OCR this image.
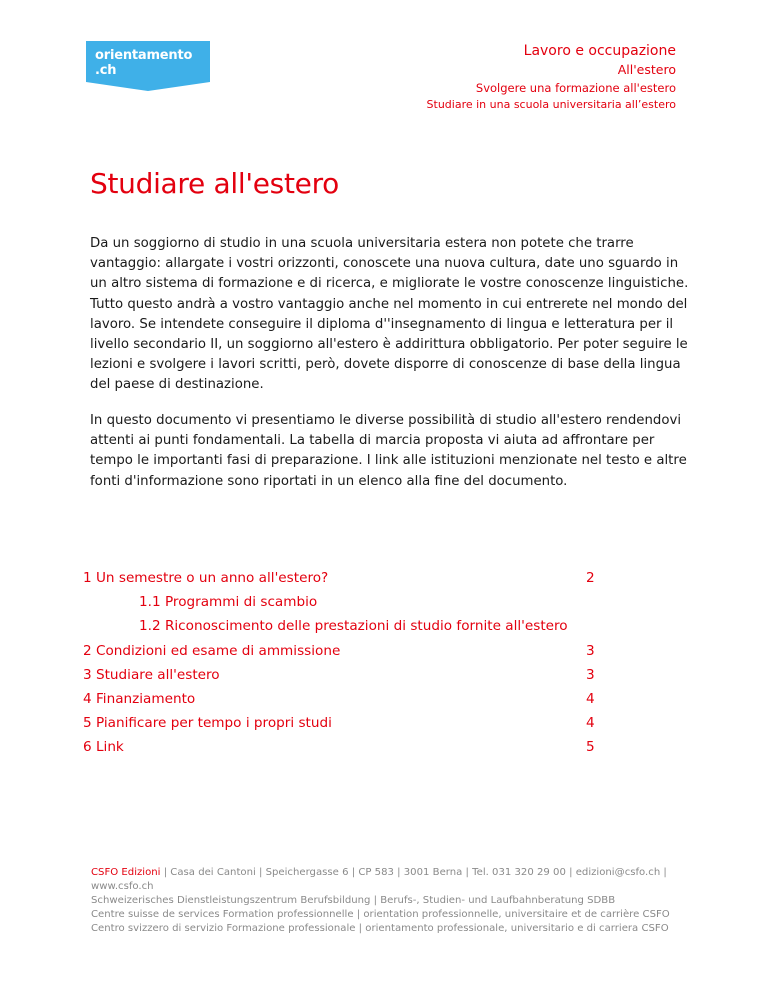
orientamento
.ch
Lavoro e occupazione
All'estero
Svolgere una formazione all'estero
Studiare in una scuola universitaria all’estero
Studiare all'estero

Da un soggiorno di studio in una scuola universitaria estera non potete che trarre vantaggio: allargate i vostri orizzonti, conoscete una nuova cultura, date uno sguardo in un altro sistema di formazione e di ricerca, e migliorate le vostre conoscenze linguistiche. Tutto questo andrà a vostro vantaggio anche nel momento in cui entrerete nel mondo del lavoro. Se intendete conseguire il diploma d''insegnamento di lingua e letteratura per il livello secondario II, un soggiorno all'estero è addirittura obbligatorio. Per poter seguire le lezioni e svolgere i lavori scritti, però, dovete disporre di conoscenze di base della lingua del paese di destinazione.

In questo documento vi presentiamo le diverse possibilità di studio all'estero rendendovi attenti ai punti fondamentali. La tabella di marcia proposta vi aiuta ad affrontare per tempo le importanti fasi di preparazione. I link alle istituzioni menzionate nel testo e altre fonti d'informazione sono riportati in un elenco alla fine del documento.

1 Un semestre o un anno all'estero?	2
1.1 Programmi di scambio
1.2 Riconoscimento delle prestazioni di studio fornite all'estero
2 Condizioni ed esame di ammissione	3
3 Studiare all'estero	3
4 Finanziamento	4
5 Pianificare per tempo i propri studi	4
6 Link	5

CSFO Edizioni | Casa dei Cantoni | Speichergasse 6 | CP 583 | 3001 Berna | Tel. 031 320 29 00 | edizioni@csfo.ch | www.csfo.ch

Schweizerisches Dienstleistungszentrum Berufsbildung | Berufs-, Studien- und Laufbahnberatung SDBB

Centre suisse de services Formation professionnelle | orientation professionnelle, universitaire et de carrière CSFO

Centro svizzero di servizio Formazione professionale | orientamento professionale, universitario e di carriera CSFO
